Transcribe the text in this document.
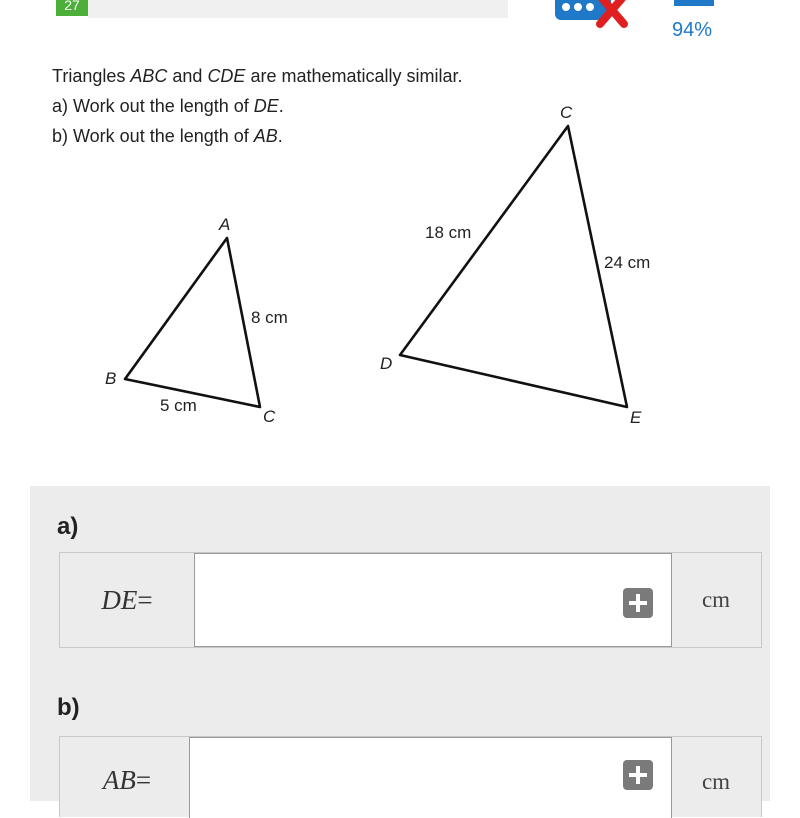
27
94%
Triangles ABC and CDE are mathematically similar.
a) Work out the length of DE.
b) Work out the length of AB.
A
B
C
8 cm
5 cm
C
D
E
18 cm
24 cm
a)
DE =	cm
b)
AB =	cm
